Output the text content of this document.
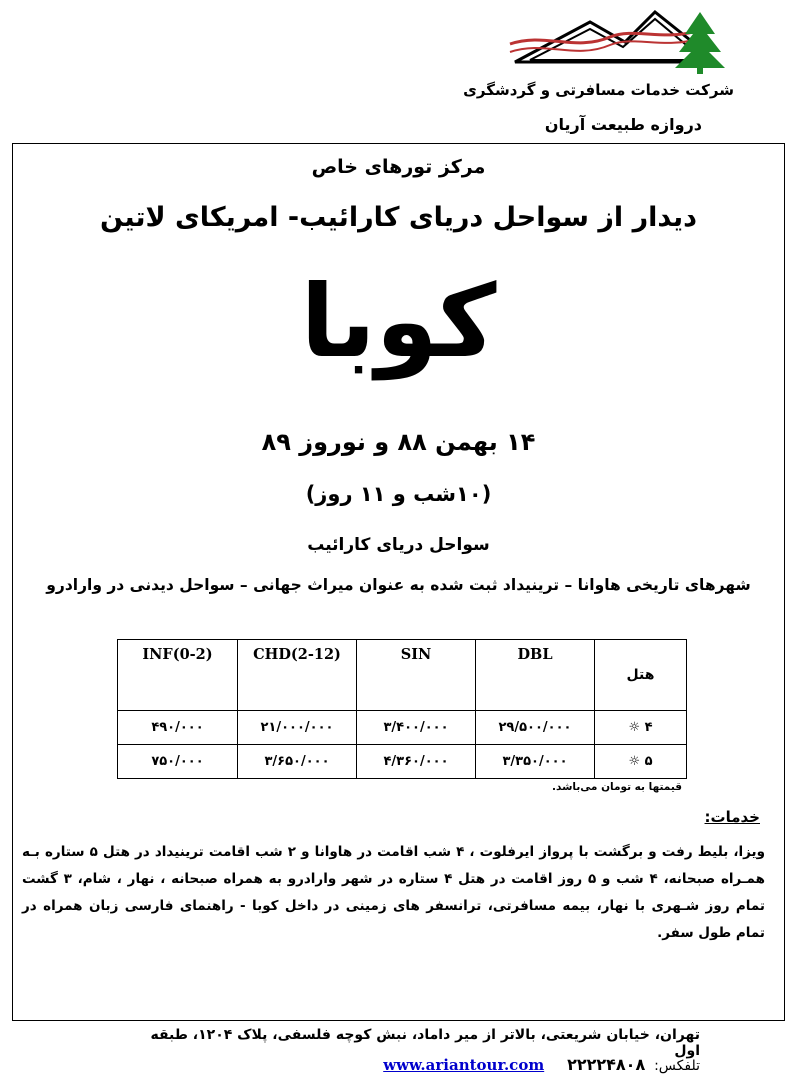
شرکت خدمات مسافرتی و گردشگری
دروازه طبیعت آریان
مرکز تورهای خاص
دیدار از سواحل دریای کارائیب- امریکای لاتین
کوبا
۱۴ بهمن ۸۸ و نوروز ۸۹
(۱۰شب و ۱۱ روز)
سواحل دریای کارائیب
شهرهای تاریخی هاوانا – ترینیداد ثبت شده به عنوان میراث جهانی – سواحل دیدنی در وارادرو
INF(0-2)	CHD(2-12)	SIN	DBL	هتل
۴۹۰/۰۰۰	۲۱/۰۰۰/۰۰۰	۳/۴۰۰/۰۰۰	۲۹/۵۰۰/۰۰۰	۴ ☼
۷۵۰/۰۰۰	۳/۶۵۰/۰۰۰	۴/۳۶۰/۰۰۰	۳/۳۵۰/۰۰۰	۵ ☼
قیمتها به تومان می‌باشد.
خدمات:
ویزا، بلیط رفت و برگشت با پرواز ایرفلوت ، ۴ شب اقامت در هاوانا و ۲ شب اقامت ترینیداد در هتل ۵ ستاره بـه همـراه صبحانه، ۴ شب و ۵ روز اقامت در هتل ۴ ستاره در شهر وارادرو به همراه صبحانه ، نهار ، شام، ۳ گشت تمام روز شـهری با نهار، بیمه مسافرتی، ترانسفر های زمینی در داخل کوبا - راهنمای فارسی زبان همراه در تمام طول سفر.
تهران، خیابان شریعتی، بالاتر از میر داماد، نبش کوچه فلسفی، پلاک ۱۲۰۴، طبقه اول
تلفکس: ۲۲۲۲۴۸۰۸ www.ariantour.com
